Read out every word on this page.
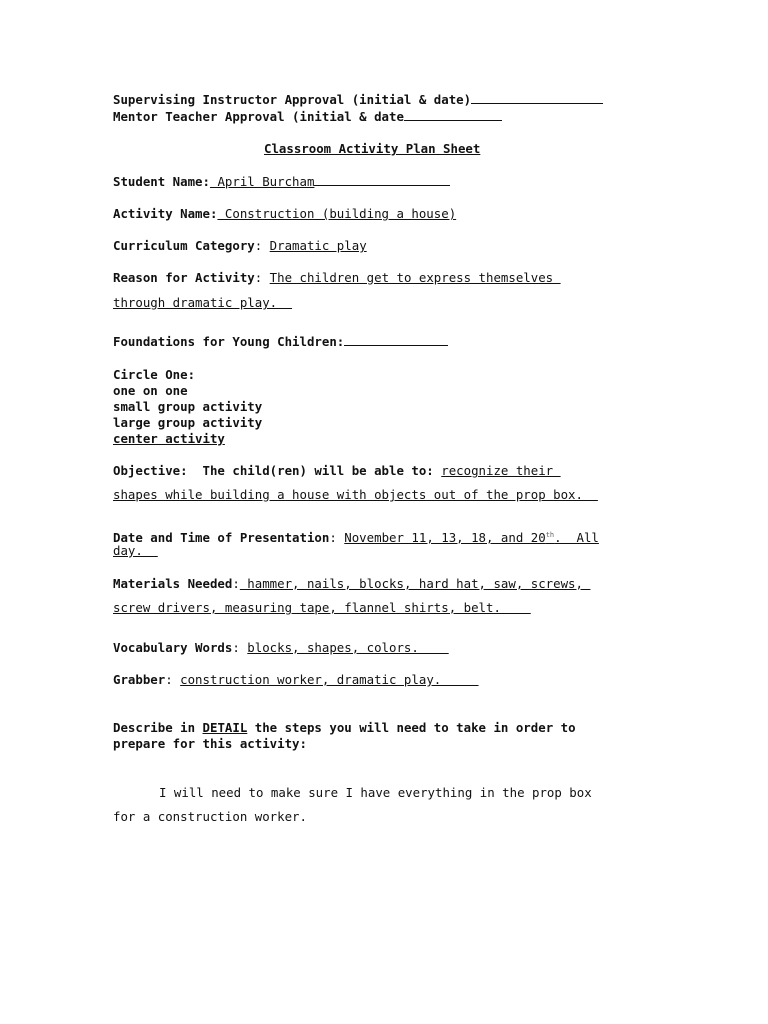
Supervising Instructor Approval (initial & date)
Mentor Teacher Approval (initial & date
Classroom Activity Plan Sheet
Student Name: April Burcham
Activity Name: Construction (building a house)
Curriculum Category: Dramatic play
Reason for Activity: The children get to express themselves
through dramatic play.
Foundations for Young Children:
Circle One:
one on one
small group activity
large group activity
center activity
Objective:  The child(ren) will be able to: recognize their
shapes while building a house with objects out of the prop box.
Date and Time of Presentation: November 11, 13, 18, and 20th.  All
day.
Materials Needed: hammer, nails, blocks, hard hat, saw, screws,
screw drivers, measuring tape, flannel shirts, belt.
Vocabulary Words: blocks, shapes, colors.
Grabber: construction worker, dramatic play.
Describe in DETAIL the steps you will need to take in order to
prepare for this activity:
I will need to make sure I have everything in the prop box
for a construction worker.
